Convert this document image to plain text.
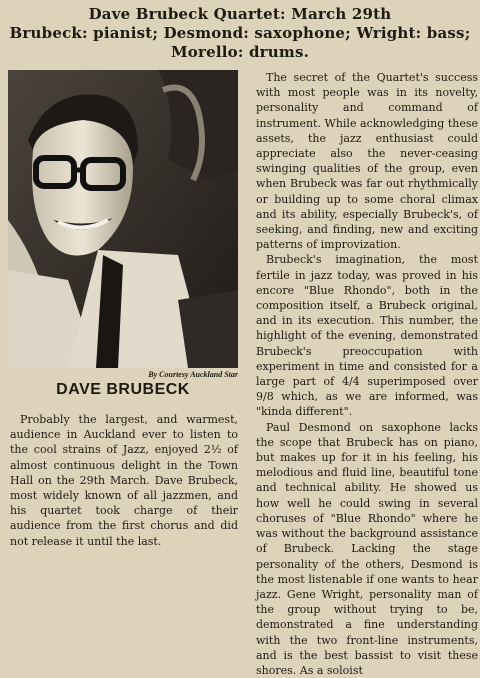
Dave Brubeck Quartet: March 29th
Brubeck: pianist; Desmond: saxophone; Wright: bass;
Morello: drums.
By Courtesy Auckland Star
DAVE BRUBECK
Probably the largest, and warmest, audience in Auckland ever to listen to the cool strains of Jazz, enjoyed 2½ of almost continuous delight in the Town Hall on the 29th March. Dave Brubeck, most widely known of all jazzmen, and his quartet took charge of their audience from the first chorus and did not release it until the last.

The secret of the Quartet's success with most people was in its novelty, personality and command of instrument. While acknowledging these assets, the jazz enthusiast could appreciate also the never-ceasing swinging qualities of the group, even when Brubeck was far out rhythmically or building up to some choral climax and its ability, especially Brubeck's, of seeking, and finding, new and exciting patterns of improvization.

Brubeck's imagination, the most fertile in jazz today, was proved in his encore "Blue Rhondo", both in the composition itself, a Brubeck original, and in its execution. This number, the highlight of the evening, demonstrated Brubeck's preoccupation with experiment in time and consisted for a large part of 4/4 superimposed over 9/8 which, as we are informed, was "kinda different".

Paul Desmond on saxophone lacks the scope that Brubeck has on piano, but makes up for it in his feeling, his melodious and fluid line, beautiful tone and technical ability. He showed us how well he could swing in several choruses of "Blue Rhondo" where he was without the background assistance of Brubeck. Lacking the stage personality of the others, Desmond is the most listenable if one wants to hear jazz. Gene Wright, personality man of the group without trying to be, demonstrated a fine understanding with the two front-line instruments, and is the best bassist to visit these shores. As a soloist
